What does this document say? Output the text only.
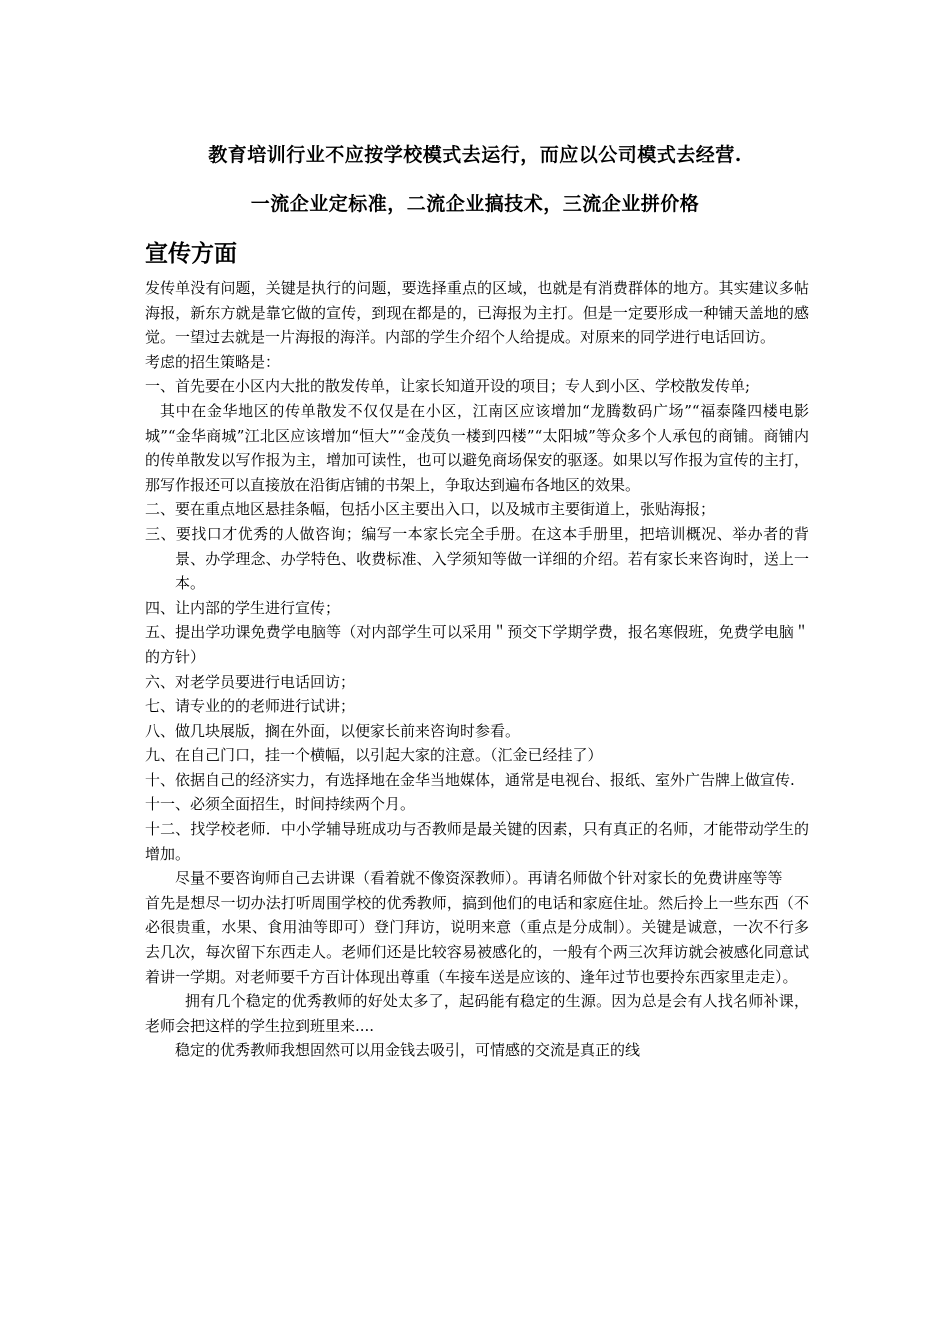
教育培训行业不应按学校模式去运行，而应以公司模式去经营.
一流企业定标准，二流企业搞技术，三流企业拼价格
宣传方面

发传单没有问题，关键是执行的问题，要选择重点的区域，也就是有消费群体的地方。其实建议多帖海报，新东方就是靠它做的宣传，到现在都是的，已海报为主打。但是一定要形成一种铺天盖地的感觉。一望过去就是一片海报的海洋。内部的学生介绍个人给提成。对原来的同学进行电话回访。

考虑的招生策略是：

一、首先要在小区内大批的散发传单，让家长知道开设的项目；专人到小区、学校散发传单;

其中在金华地区的传单散发不仅仅是在小区，江南区应该增加“龙腾数码广场”“福泰隆四楼电影城”“金华商城”江北区应该增加“恒大”“金茂负一楼到四楼”“太阳城”等众多个人承包的商铺。商铺内的传单散发以写作报为主，增加可读性，也可以避免商场保安的驱逐。如果以写作报为宣传的主打，那写作报还可以直接放在沿街店铺的书架上，争取达到遍布各地区的效果。

二、要在重点地区悬挂条幅，包括小区主要出入口，以及城市主要街道上，张贴海报；

三、要找口才优秀的人做咨询；编写一本家长完全手册。在这本手册里，把培训概况、举办者的背景、办学理念、办学特色、收费标准、入学须知等做一详细的介绍。若有家长来咨询时，送上一本。

四、让内部的学生进行宣传；

五、提出学功课免费学电脑等（对内部学生可以采用＂预交下学期学费，报名寒假班，免费学电脑＂的方针）

六、对老学员要进行电话回访；

七、请专业的的老师进行试讲；

八、做几块展版，搁在外面，以便家长前来咨询时参看。

九、在自己门口，挂一个横幅，以引起大家的注意。（汇金已经挂了）

十、依据自己的经济实力，有选择地在金华当地媒体，通常是电视台、报纸、室外广告牌上做宣传.

十一、必须全面招生，时间持续两个月。

十二、找学校老师．中小学辅导班成功与否教师是最关键的因素，只有真正的名师，才能带动学生的增加。

尽量不要咨询师自己去讲课（看着就不像资深教师）。再请名师做个针对家长的免费讲座等等

首先是想尽一切办法打听周围学校的优秀教师，搞到他们的电话和家庭住址。然后拎上一些东西（不必很贵重，水果、食用油等即可）登门拜访，说明来意（重点是分成制）。关键是诚意，一次不行多去几次，每次留下东西走人。老师们还是比较容易被感化的，一般有个两三次拜访就会被感化同意试着讲一学期。对老师要千方百计体现出尊重（车接车送是应该的、逢年过节也要拎东西家里走走）。

拥有几个稳定的优秀教师的好处太多了，起码能有稳定的生源。因为总是会有人找名师补课，老师会把这样的学生拉到班里来....

稳定的优秀教师我想固然可以用金钱去吸引，可情感的交流是真正的线
